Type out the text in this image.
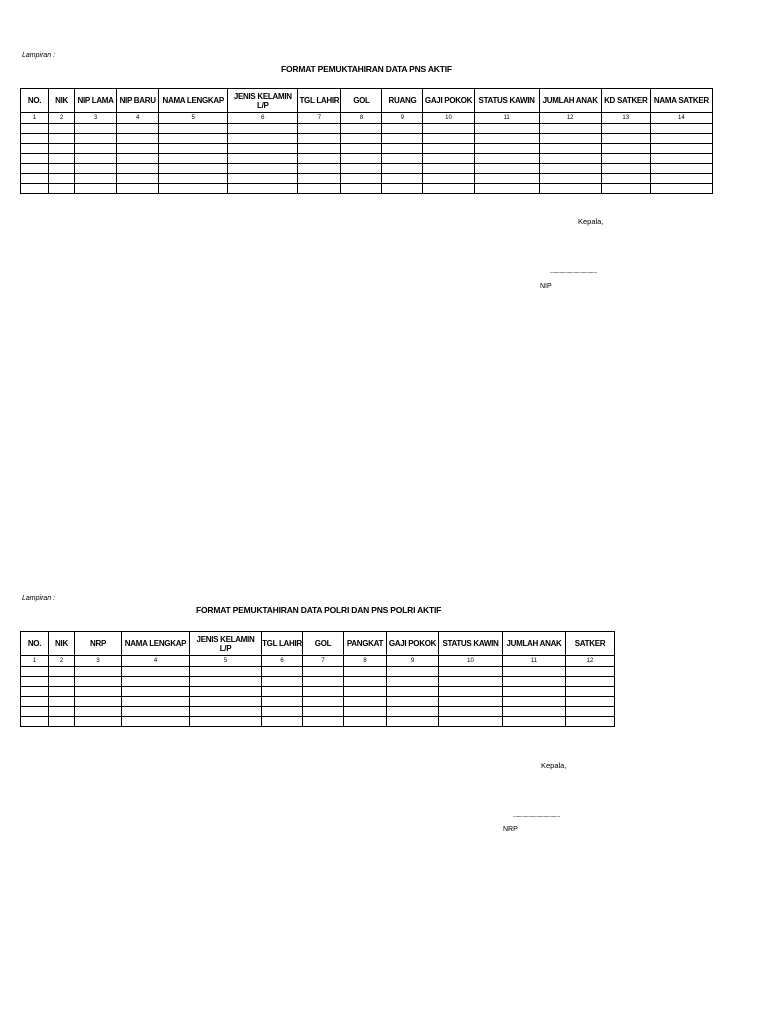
Lampiran :
FORMAT PEMUKTAHIRAN DATA PNS AKTIF
NO.	NIK	NIP LAMA	NIP BARU	NAMA LENGKAP	JENIS KELAMIN L/P	TGL LAHIR	GOL	RUANG	GAJI POKOK	STATUS KAWIN	JUMLAH ANAK	KD SATKER	NAMA SATKER
1	2	3	4	5	6	7	8	9	10	11	12	13	14

Kepala,
........................................
NIP
Lampiran :
FORMAT PEMUKTAHIRAN DATA POLRI DAN PNS POLRI AKTIF
NO.	NIK	NRP	NAMA LENGKAP	JENIS KELAMIN L/P	TGL LAHIR	GOL	PANGKAT	GAJI POKOK	STATUS KAWIN	JUMLAH ANAK	SATKER
1	2	3	4	5	6	7	8	9	10	11	12

Kepala,
........................................
NRP
